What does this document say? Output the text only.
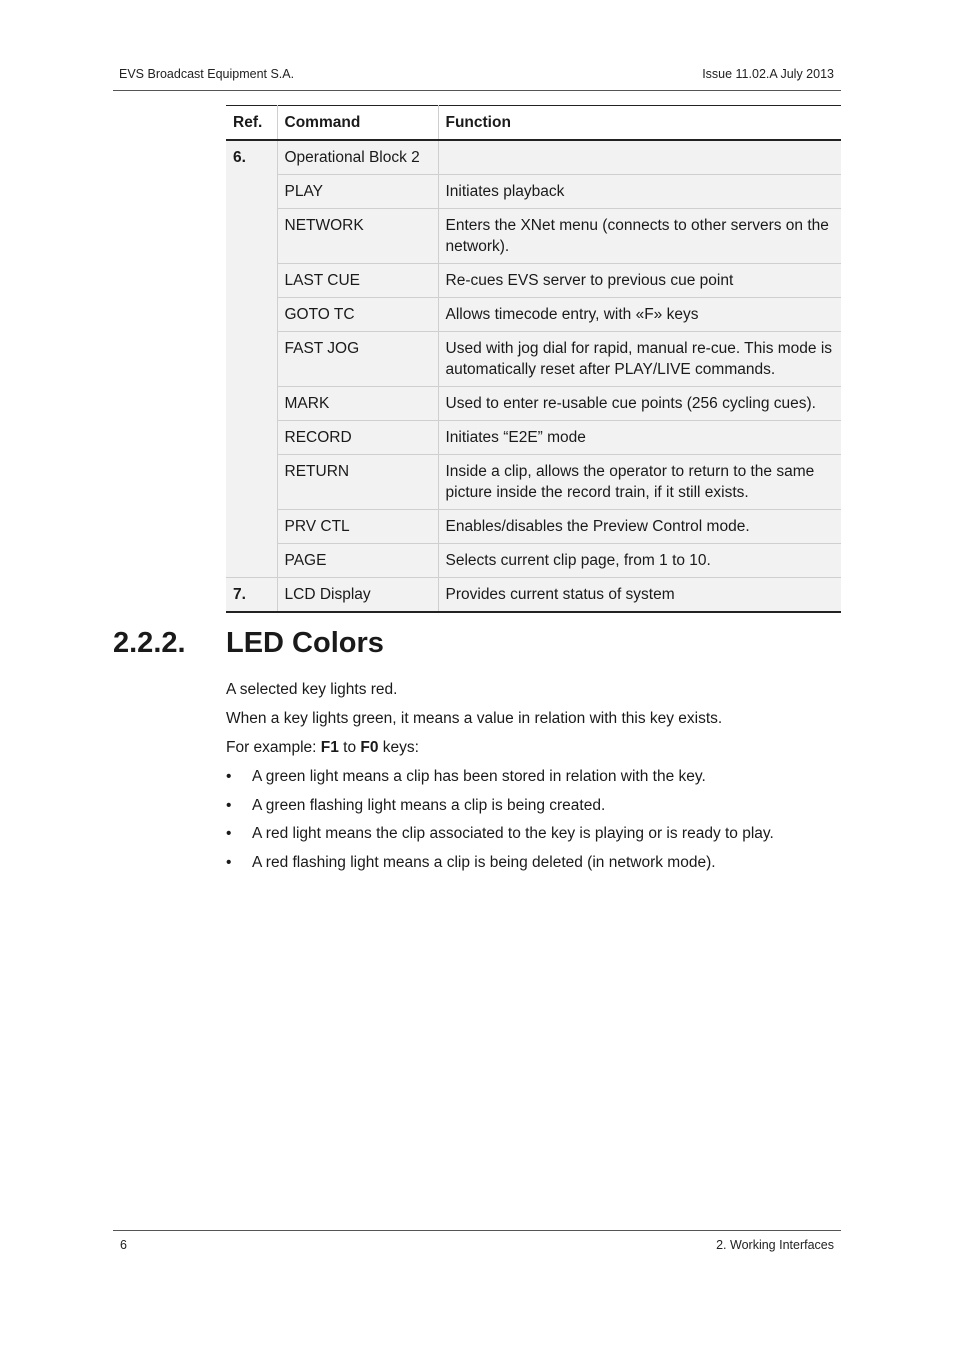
EVS Broadcast Equipment S.A.	Issue 11.02.A July 2013
Ref.	Command	Function
6.	Operational Block 2	
	PLAY	Initiates playback
	NETWORK	Enters the XNet menu (connects to other servers on the network).
	LAST CUE	Re-cues EVS server to previous cue point
	GOTO TC	Allows timecode entry, with «F» keys
	FAST JOG	Used with jog dial for rapid, manual re-cue. This mode is automatically reset after PLAY/LIVE commands.
	MARK	Used to enter re-usable cue points (256 cycling cues).
	RECORD	Initiates “E2E” mode
	RETURN	Inside a clip, allows the operator to return to the same picture inside the record train, if it still exists.
	PRV CTL	Enables/disables the Preview Control mode.
	PAGE	Selects current clip page, from 1 to 10.
7.	LCD Display	Provides current status of system
2.2.2. LED Colors
A selected key lights red.
When a key lights green, it means a value in relation with this key exists.
For example: F1 to F0 keys:
• A green light means a clip has been stored in relation with the key.
• A green flashing light means a clip is being created.
• A red light means the clip associated to the key is playing or is ready to play.
• A red flashing light means a clip is being deleted (in network mode).
6	2. Working Interfaces
